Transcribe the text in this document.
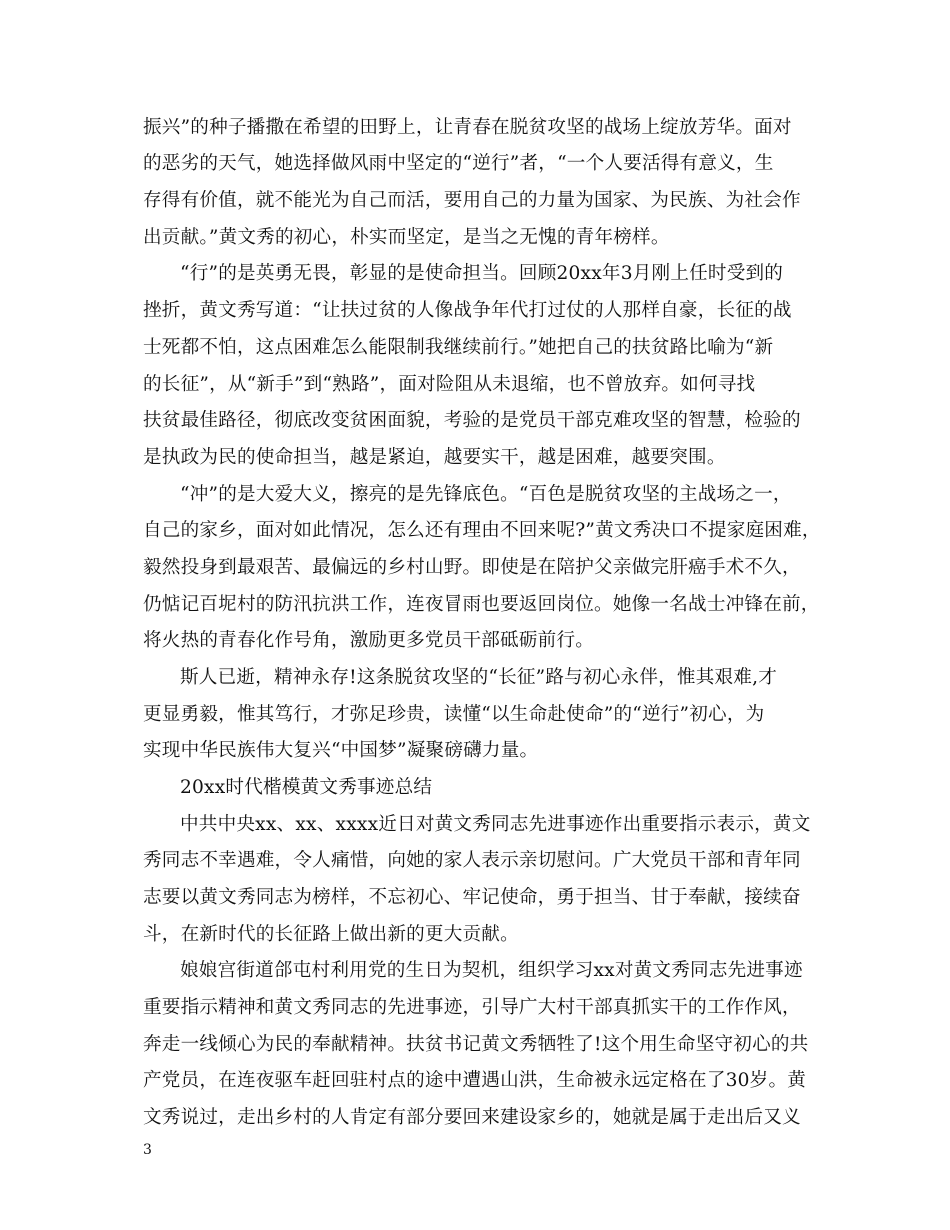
振兴”的种子播撒在希望的田野上，让青春在脱贫攻坚的战场上绽放芳华。面对
的恶劣的天气，她选择做风雨中坚定的“逆行”者，“一个人要活得有意义，生
存得有价值，就不能光为自己而活，要用自己的力量为国家、为民族、为社会作
出贡献。”黄文秀的初心，朴实而坚定，是当之无愧的青年榜样。
“行”的是英勇无畏，彰显的是使命担当。回顾20xx年3月刚上任时受到的
挫折，黄文秀写道：“让扶过贫的人像战争年代打过仗的人那样自豪，长征的战
士死都不怕，这点困难怎么能限制我继续前行。”她把自己的扶贫路比喻为“新
的长征”，从“新手”到“熟路”，面对险阻从未退缩，也不曾放弃。如何寻找
扶贫最佳路径，彻底改变贫困面貌，考验的是党员干部克难攻坚的智慧，检验的
是执政为民的使命担当，越是紧迫，越要实干，越是困难，越要突围。
“冲”的是大爱大义，擦亮的是先锋底色。“百色是脱贫攻坚的主战场之一，
自己的家乡，面对如此情况，怎么还有理由不回来呢?”黄文秀决口不提家庭困难，
毅然投身到最艰苦、最偏远的乡村山野。即使是在陪护父亲做完肝癌手术不久，
仍惦记百坭村的防汛抗洪工作，连夜冒雨也要返回岗位。她像一名战士冲锋在前，
将火热的青春化作号角，激励更多党员干部砥砺前行。
斯人已逝，精神永存!这条脱贫攻坚的“长征”路与初心永伴，惟其艰难,才
更显勇毅，惟其笃行，才弥足珍贵，读懂“以生命赴使命”的“逆行”初心，为
实现中华民族伟大复兴“中国梦”凝聚磅礴力量。
20xx时代楷模黄文秀事迹总结
中共中央xx、xx、xxxx近日对黄文秀同志先进事迹作出重要指示表示，黄文
秀同志不幸遇难，令人痛惜，向她的家人表示亲切慰问。广大党员干部和青年同
志要以黄文秀同志为榜样，不忘初心、牢记使命，勇于担当、甘于奉献，接续奋
斗，在新时代的长征路上做出新的更大贡献。
娘娘宫街道郃屯村利用党的生日为契机，组织学习xx对黄文秀同志先进事迹
重要指示精神和黄文秀同志的先进事迹，引导广大村干部真抓实干的工作作风，
奔走一线倾心为民的奉献精神。扶贫书记黄文秀牺牲了!这个用生命坚守初心的共
产党员，在连夜驱车赶回驻村点的途中遭遇山洪，生命被永远定格在了30岁。黄
文秀说过，走出乡村的人肯定有部分要回来建设家乡的，她就是属于走出后又义
3
